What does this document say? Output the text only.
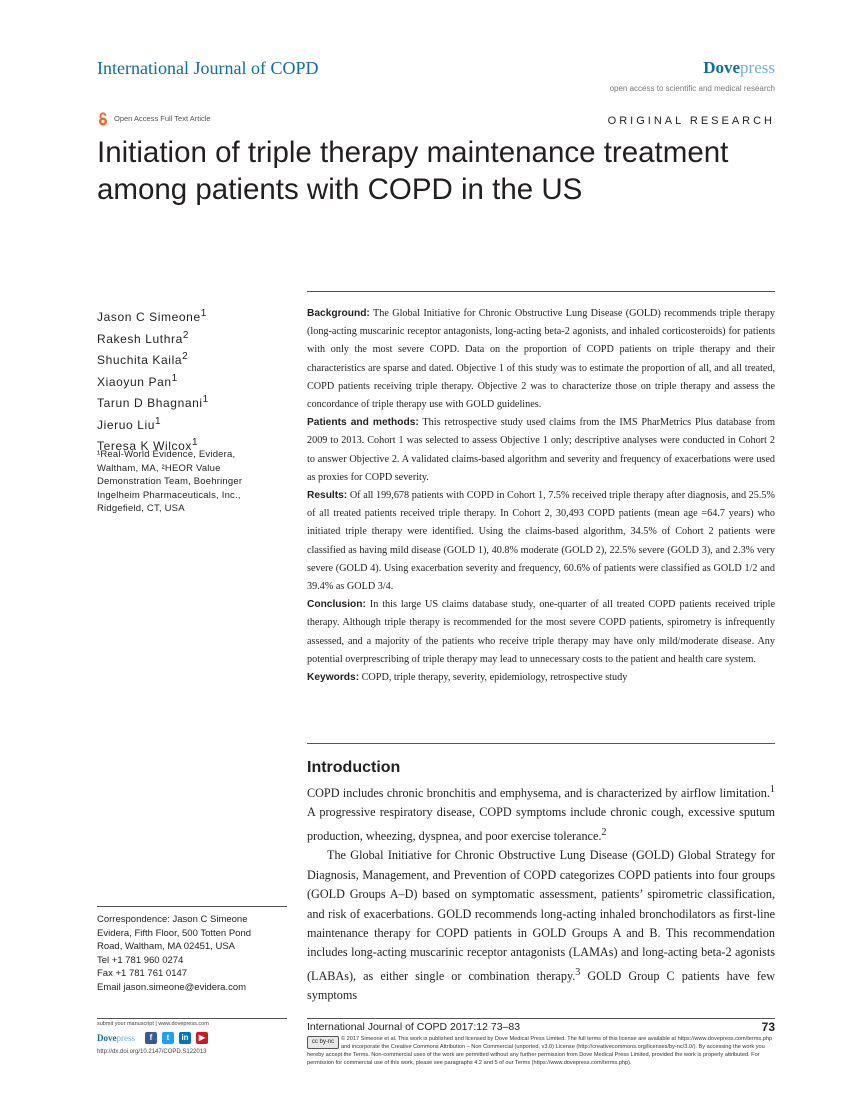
International Journal of COPD	Dovepress
open access to scientific and medical research
Open Access Full Text Article	ORIGINAL RESEARCH
Initiation of triple therapy maintenance treatment
among patients with COPD in the US
Jason C Simeone$^1$
Rakesh Luthra$^2$
Shuchita Kaila$^2$
Xiaoyun Pan$^1$
Tarun D Bhagnani$^1$
Jieruo Liu$^1$
Teresa K Wilcox$^1$
¹Real-World Evidence, Evidera, Waltham, MA, ²HEOR Value Demonstration Team, Boehringer Ingelheim Pharmaceuticals, Inc., Ridgefield, CT, USA
Correspondence: Jason C Simeone
Evidera, Fifth Floor, 500 Totten Pond
Road, Waltham, MA 02451, USA
Tel +1 781 960 0274
Fax +1 781 761 0147
Email jason.simeone@evidera.com

Background: The Global Initiative for Chronic Obstructive Lung Disease (GOLD) recommends triple therapy (long-acting muscarinic receptor antagonists, long-acting beta-2 agonists, and inhaled corticosteroids) for patients with only the most severe COPD. Data on the proportion of COPD patients on triple therapy and their characteristics are sparse and dated. Objective 1 of this study was to estimate the proportion of all, and all treated, COPD patients receiving triple therapy. Objective 2 was to characterize those on triple therapy and assess the concordance of triple therapy use with GOLD guidelines.

Patients and methods: This retrospective study used claims from the IMS PharMetrics Plus database from 2009 to 2013. Cohort 1 was selected to assess Objective 1 only; descriptive analyses were conducted in Cohort 2 to answer Objective 2. A validated claims-based algorithm and severity and frequency of exacerbations were used as proxies for COPD severity.

Results: Of all 199,678 patients with COPD in Cohort 1, 7.5% received triple therapy after diagnosis, and 25.5% of all treated patients received triple therapy. In Cohort 2, 30,493 COPD patients (mean age =64.7 years) who initiated triple therapy were identified. Using the claims-based algorithm, 34.5% of Cohort 2 patients were classified as having mild disease (GOLD 1), 40.8% moderate (GOLD 2), 22.5% severe (GOLD 3), and 2.3% very severe (GOLD 4). Using exacerbation severity and frequency, 60.6% of patients were classified as GOLD 1/2 and 39.4% as GOLD 3/4.

Conclusion: In this large US claims database study, one-quarter of all treated COPD patients received triple therapy. Although triple therapy is recommended for the most severe COPD patients, spirometry is infrequently assessed, and a majority of the patients who receive triple therapy may have only mild/moderate disease. Any potential overprescribing of triple therapy may lead to unnecessary costs to the patient and health care system.

Keywords: COPD, triple therapy, severity, epidemiology, retrospective study

Introduction

COPD includes chronic bronchitis and emphysema, and is characterized by airflow limitation.$^1$ A progressive respiratory disease, COPD symptoms include chronic cough, excessive sputum production, wheezing, dyspnea, and poor exercise tolerance.$^2$

The Global Initiative for Chronic Obstructive Lung Disease (GOLD) Global Strategy for Diagnosis, Management, and Prevention of COPD categorizes COPD patients into four groups (GOLD Groups A–D) based on symptomatic assessment, patients’ spirometric classification, and risk of exacerbations. GOLD recommends long-acting inhaled bronchodilators as first-line maintenance therapy for COPD patients in GOLD Groups A and B. This recommendation includes long-acting muscarinic receptor antagonists (LAMAs) and long-acting beta-2 agonists (LABAs), as either single or combination therapy.$^3$ GOLD Group C patients have few symptoms

submit your manuscript | www.dovepress.com
Dovepress	f	t	in	▶
http://dx.doi.org/10.2147/COPD.S122013
International Journal of COPD 2017:12 73–83	73
cc by-nc	© 2017 Simeone et al. This work is published and licensed by Dove Medical Press Limited. The full terms of this license are available at https://www.dovepress.com/terms.php and incorporate the Creative Commons Attribution – Non Commercial (unported, v3.0) License (http://creativecommons.org/licenses/by-nc/3.0/). By accessing the work you
hereby accept the Terms. Non-commercial uses of the work are permitted without any further permission from Dove Medical Press Limited, provided the work is properly attributed. For permission for commercial use of this work, please see paragraphs 4.2 and 5 of our Terms (https://www.dovepress.com/terms.php).
